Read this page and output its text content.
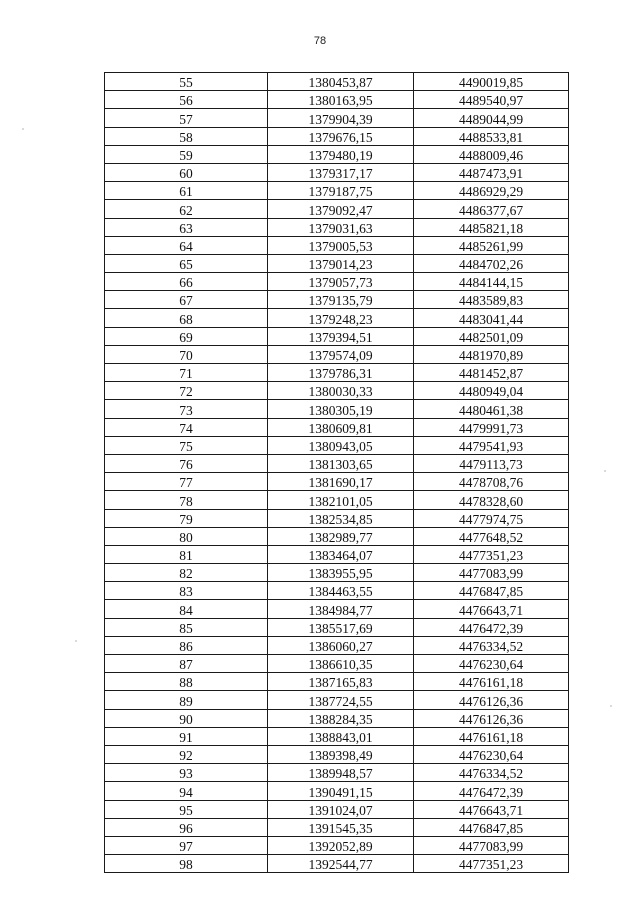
78
55	1380453,87	4490019,85
56	1380163,95	4489540,97
57	1379904,39	4489044,99
58	1379676,15	4488533,81
59	1379480,19	4488009,46
60	1379317,17	4487473,91
61	1379187,75	4486929,29
62	1379092,47	4486377,67
63	1379031,63	4485821,18
64	1379005,53	4485261,99
65	1379014,23	4484702,26
66	1379057,73	4484144,15
67	1379135,79	4483589,83
68	1379248,23	4483041,44
69	1379394,51	4482501,09
70	1379574,09	4481970,89
71	1379786,31	4481452,87
72	1380030,33	4480949,04
73	1380305,19	4480461,38
74	1380609,81	4479991,73
75	1380943,05	4479541,93
76	1381303,65	4479113,73
77	1381690,17	4478708,76
78	1382101,05	4478328,60
79	1382534,85	4477974,75
80	1382989,77	4477648,52
81	1383464,07	4477351,23
82	1383955,95	4477083,99
83	1384463,55	4476847,85
84	1384984,77	4476643,71
85	1385517,69	4476472,39
86	1386060,27	4476334,52
87	1386610,35	4476230,64
88	1387165,83	4476161,18
89	1387724,55	4476126,36
90	1388284,35	4476126,36
91	1388843,01	4476161,18
92	1389398,49	4476230,64
93	1389948,57	4476334,52
94	1390491,15	4476472,39
95	1391024,07	4476643,71
96	1391545,35	4476847,85
97	1392052,89	4477083,99
98	1392544,77	4477351,23
